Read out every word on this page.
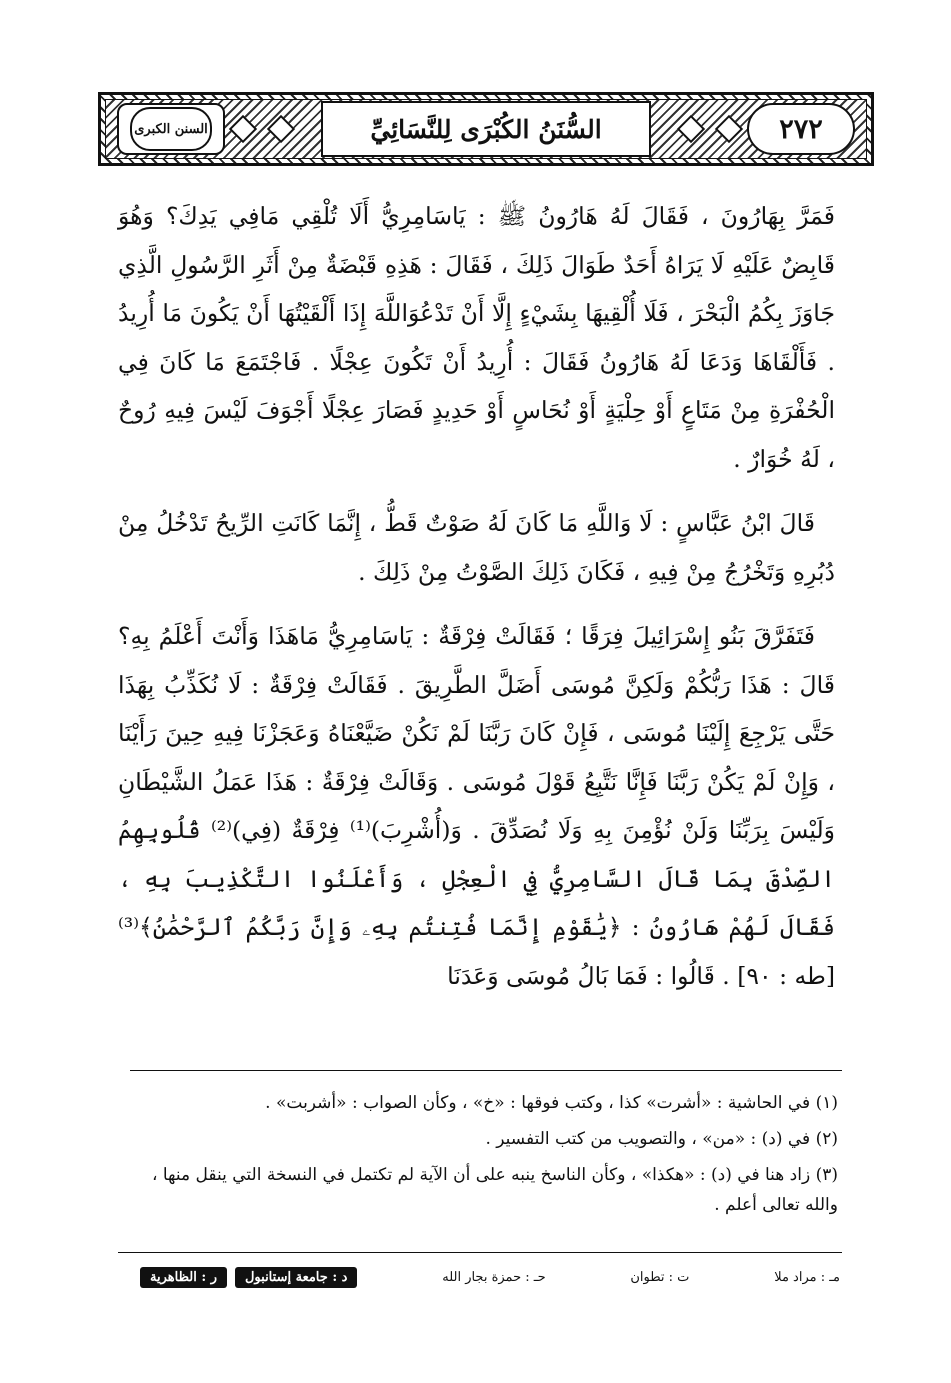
٢٧٢
السُّنَنُ الكُبْرَى لِلنَّسَائِيِّ
السنن الكبرى

فَمَرَّ بِهَارُونَ ، فَقَالَ لَهُ هَارُونُ ﷺ : يَاسَامِرِيُّ أَلَا تُلْقِي مَافِي يَدِكَ؟ وَهُوَ قَابِضٌ عَلَيْهِ لَا يَرَاهُ أَحَدٌ طَوَالَ ذَلِكَ ، فَقَالَ : هَذِهِ قَبْضَةٌ مِنْ أَثَرِ الرَّسُولِ الَّذِي جَاوَزَ بِكُمُ الْبَحْرَ ، فَلَا أُلْقِيهَا بِشَيْءٍ إِلَّا أَنْ تَدْعُوَاللَّهَ إِذَا أَلْقَيْتُهَا أَنْ يَكُونَ مَا أُرِيدُ . فَأَلْقَاهَا وَدَعَا لَهُ هَارُونُ فَقَالَ : أُرِيدُ أَنْ تَكُونَ عِجْلًا . فَاجْتَمَعَ مَا كَانَ فِي الْحُفْرَةِ مِنْ مَتَاعٍ أَوْ حِلْيَةٍ أَوْ نُحَاسٍ أَوْ حَدِيدٍ فَصَارَ عِجْلًا أَجْوَفَ لَيْسَ فِيهِ رُوحٌ ، لَهُ خُوَارٌ .

قَالَ ابْنُ عَبَّاسٍ : لَا وَاللَّهِ مَا كَانَ لَهُ صَوْتٌ قَطُّ ، إِنَّمَا كَانَتِ الرِّيحُ تَدْخُلُ مِنْ دُبُرِهِ وَتَخْرُجُ مِنْ فِيهِ ، فَكَانَ ذَلِكَ الصَّوْتُ مِنْ ذَلِكَ .

فَتَفَرَّقَ بَنُو إِسْرَائِيلَ فِرَقًا ؛ فَقَالَتْ فِرْقَةٌ : يَاسَامِرِيُّ مَاهَذَا وَأَنْتَ أَعْلَمُ بِهِ؟ قَالَ : هَذَا رَبُّكُمْ وَلَكِنَّ مُوسَى أَضَلَّ الطَّرِيقَ . فَقَالَتْ فِرْقَةٌ : لَا نُكَذِّبُ بِهَذَا حَتَّى يَرْجِعَ إِلَيْنَا مُوسَى ، فَإِنْ كَانَ رَبَّنَا لَمْ نَكُنْ ضَيَّعْنَاهُ وَعَجَزْنَا فِيهِ حِينَ رَأَيْنَا ، وَإِنْ لَمْ يَكُنْ رَبَّنَا فَإِنَّا نَتَّبِعُ قَوْلَ مُوسَى . وَقَالَتْ فِرْقَةٌ : هَذَا عَمَلُ الشَّيْطَانِ وَلَيْسَ بِرَبِّنَا وَلَنْ نُؤْمِنَ بِهِ وَلَا نُصَدِّقَ . وَ(أُشْرِبَ)⁽¹⁾ فِرْقَةٌ (فِي)⁽²⁾ قُلُوبِهِمُ الصِّدْقَ بِمَا قَالَ السَّامِرِيُّ فِي الْعِجْلِ ، وَأَعْلَنُوا التَّكْذِيبَ بِهِ ، فَقَالَ لَهُمْ هَارُونُ : ﴿يَٰقَوْمِ إِنَّمَا فُتِنتُم بِهِۦ وَإِنَّ رَبَّكُمُ ٱلرَّحْمَٰنُ﴾⁽³⁾ [طه : ٩٠] . قَالُوا : فَمَا بَالُ مُوسَى وَعَدَنَا

(١) في الحاشية : «أشرت» كذا ، وكتب فوقها : «خ» ، وكأن الصواب : «أشربت» .

(٢) في (د) : «من» ، والتصويب من كتب التفسير .

(٣) زاد هنا في (د) : «هكذا» ، وكأن الناسخ ينبه على أن الآية لم تكتمل في النسخة التي ينقل منها ، والله تعالى أعلم .

مـ : مراد ملا
ت : تطوان
حـ : حمزة بجار الله
د : جامعة إستانبول
ر : الظاهرية
